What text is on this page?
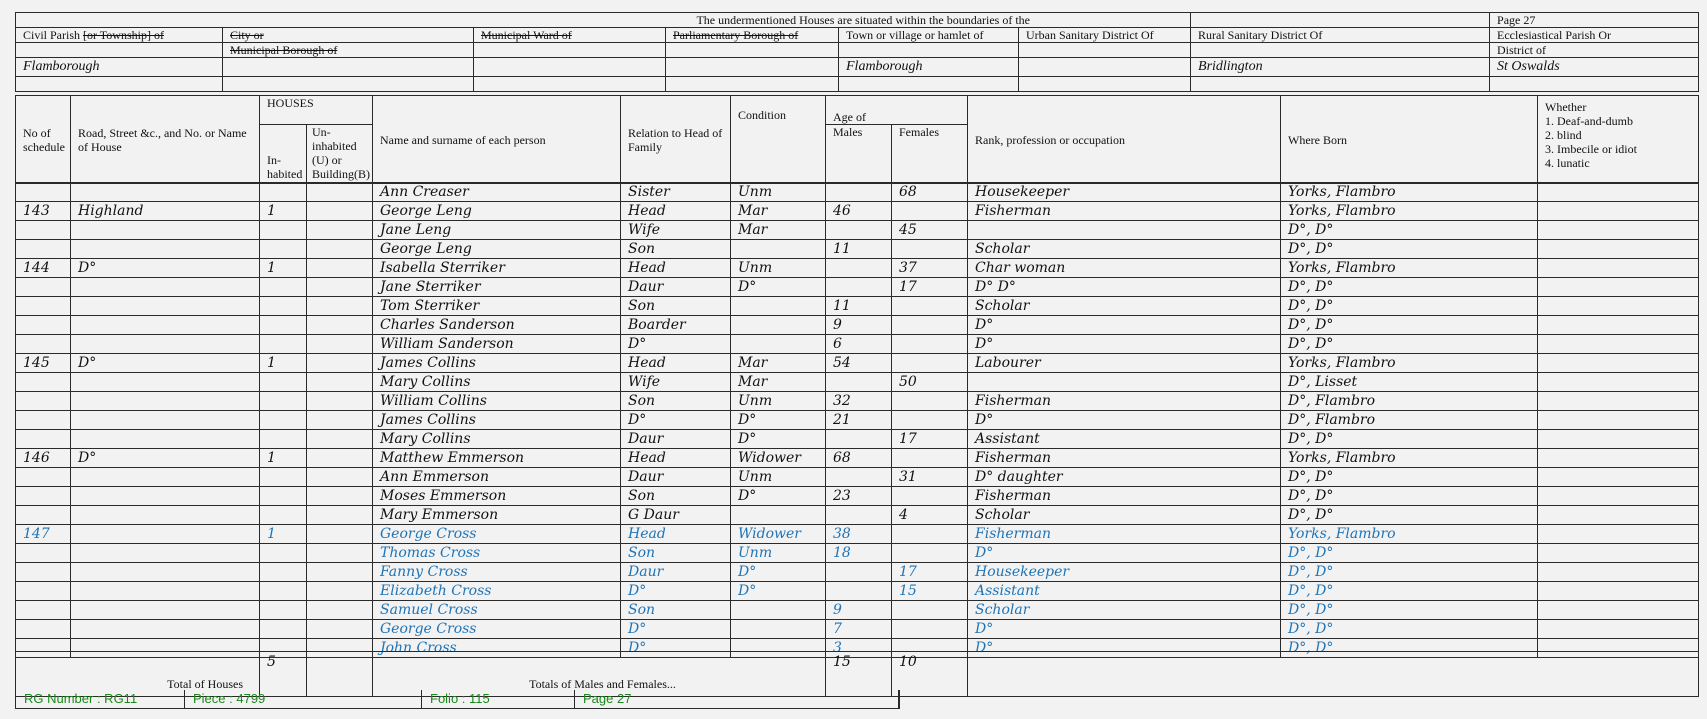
The undermentioned Houses are situated within the boundaries of the							Page 27
Civil Parish [or Township] of	City or	Municipal Ward of	Parliamentary Borough of	Town or village or hamlet of	Urban Sanitary District Of	Rural Sanitary District Of	Ecclesiastical Parish Or
	Municipal Borough of						District of
Flamborough				Flamborough		Bridlington	St Oswalds

No of schedule	Road, Street &c., and No. or Name of House	HOUSES		Name and surname of each person	Relation to Head of Family	Condition	Age of		Rank, profession or occupation	Where Born	Whether
1. Deaf-and-dumb
2. blind
3. Imbecile or idiot
4. lunatic

		In-habited	Un-inhabited (U) or Building(B)				Males	Females			
				Ann Creaser	Sister	Unm		68	Housekeeper	Yorks, Flambro	
143	Highland	1		George Leng	Head	Mar	46		Fisherman	Yorks, Flambro	
				Jane Leng	Wife	Mar		45		D°, D°	
				George Leng	Son		11		Scholar	D°, D°	
144	D°	1		Isabella Sterriker	Head	Unm		37	Char woman	Yorks, Flambro	
				Jane Sterriker	Daur	D°		17	D° D°	D°, D°	
				Tom Sterriker	Son		11		Scholar	D°, D°	
				Charles Sanderson	Boarder		9		D°	D°, D°	
				William Sanderson	D°		6		D°	D°, D°	
145	D°	1		James Collins	Head	Mar	54		Labourer	Yorks, Flambro	
				Mary Collins	Wife	Mar		50		D°, Lisset	
				William Collins	Son	Unm	32		Fisherman	D°, Flambro	
				James Collins	D°	D°	21		D°	D°, Flambro	
				Mary Collins	Daur	D°		17	Assistant	D°, D°	
146	D°	1		Matthew Emmerson	Head	Widower	68		Fisherman	Yorks, Flambro	
				Ann Emmerson	Daur	Unm		31	D° daughter	D°, D°	
				Moses Emmerson	Son	D°	23		Fisherman	D°, D°	
				Mary Emmerson	G Daur			4	Scholar	D°, D°	
147		1		George Cross	Head	Widower	38		Fisherman	Yorks, Flambro	
				Thomas Cross	Son	Unm	18		D°	D°, D°	
				Fanny Cross	Daur	D°		17	Housekeeper	D°, D°	
				Elizabeth Cross	D°	D°		15	Assistant	D°, D°	
				Samuel Cross	Son		9		Scholar	D°, D°	
				George Cross	D°		7		D°	D°, D°	
				John Cross	D°		3		D°	D°, D°	
Total of Houses	5		Totals of Males and Females...	15	10	
RG Number : RG11	Piece : 4799	Folio : 115	Page 27
